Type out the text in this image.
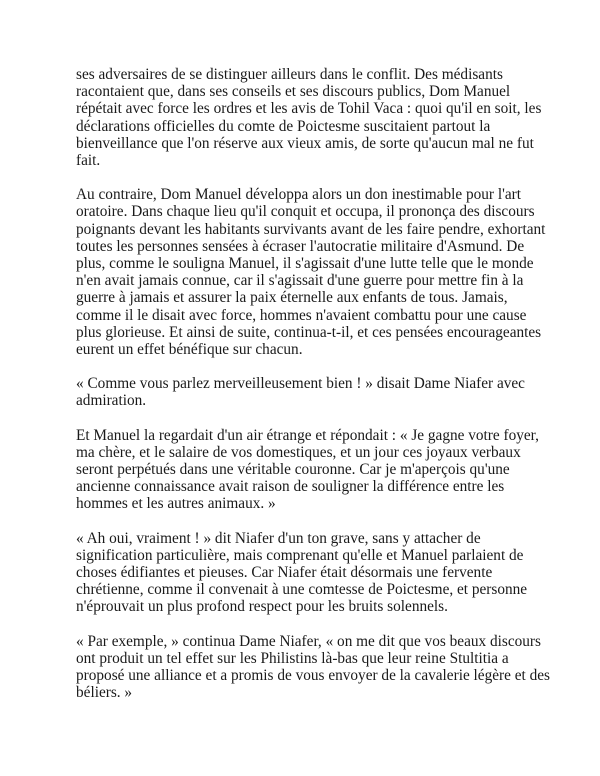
ses adversaires de se distinguer ailleurs dans le conflit. Des médisants racontaient que, dans ses conseils et ses discours publics, Dom Manuel répétait avec force les ordres et les avis de Tohil Vaca : quoi qu'il en soit, les déclarations officielles du comte de Poictesme suscitaient partout la bienveillance que l'on réserve aux vieux amis, de sorte qu'aucun mal ne fut fait.

Au contraire, Dom Manuel développa alors un don inestimable pour l'art oratoire. Dans chaque lieu qu'il conquit et occupa, il prononça des discours poignants devant les habitants survivants avant de les faire pendre, exhortant toutes les personnes sensées à écraser l'autocratie militaire d'Asmund. De plus, comme le souligna Manuel, il s'agissait d'une lutte telle que le monde n'en avait jamais connue, car il s'agissait d'une guerre pour mettre fin à la guerre à jamais et assurer la paix éternelle aux enfants de tous. Jamais, comme il le disait avec force, hommes n'avaient combattu pour une cause plus glorieuse. Et ainsi de suite, continua-t-il, et ces pensées encourageantes eurent un effet bénéfique sur chacun.

« Comme vous parlez merveilleusement bien ! » disait Dame Niafer avec admiration.

Et Manuel la regardait d'un air étrange et répondait : « Je gagne votre foyer, ma chère, et le salaire de vos domestiques, et un jour ces joyaux verbaux seront perpétués dans une véritable couronne. Car je m'aperçois qu'une ancienne connaissance avait raison de souligner la différence entre les hommes et les autres animaux. »

« Ah oui, vraiment ! » dit Niafer d'un ton grave, sans y attacher de signification particulière, mais comprenant qu'elle et Manuel parlaient de choses édifiantes et pieuses. Car Niafer était désormais une fervente chrétienne, comme il convenait à une comtesse de Poictesme, et personne n'éprouvait un plus profond respect pour les bruits solennels.

« Par exemple, » continua Dame Niafer, « on me dit que vos beaux discours ont produit un tel effet sur les Philistins là-bas que leur reine Stultitia a proposé une alliance et a promis de vous envoyer de la cavalerie légère et des béliers. »
